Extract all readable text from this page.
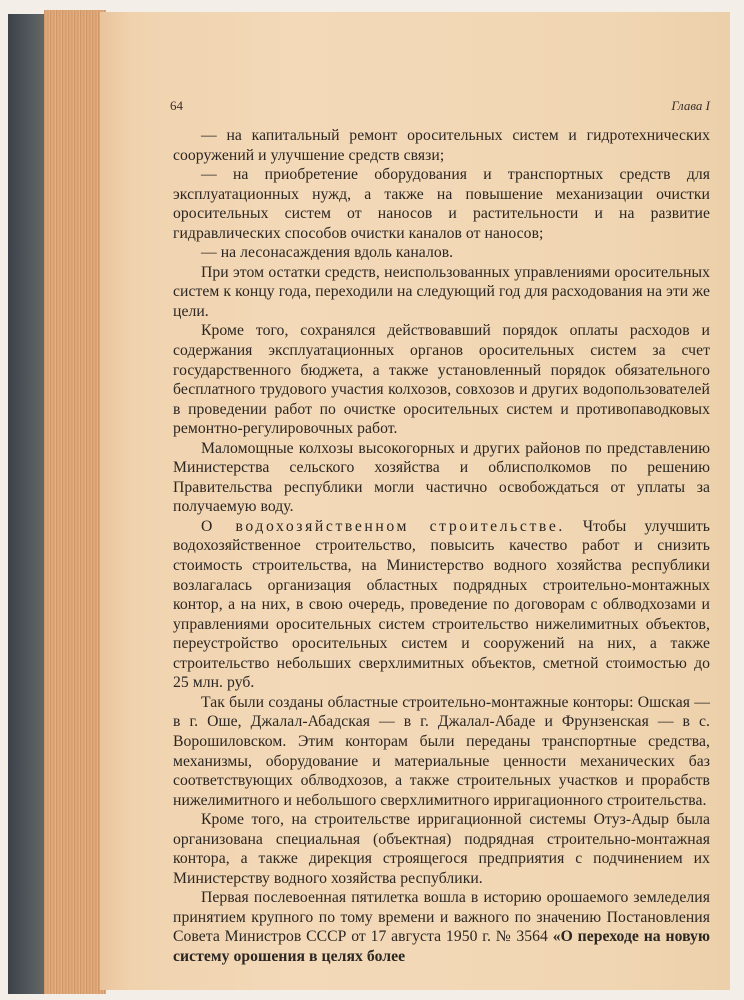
64	Глава I

— на капитальный ремонт оросительных систем и гидротехнических сооружений и улучшение средств связи;

— на приобретение оборудования и транспортных средств для эксплуатационных нужд, а также на повышение механизации очистки оросительных систем от наносов и растительности и на развитие гидравлических способов очистки каналов от наносов;

— на лесонасаждения вдоль каналов.

При этом остатки средств, неиспользованных управлениями оросительных систем к концу года, переходили на следующий год для расходования на эти же цели.

Кроме того, сохранялся действовавший порядок оплаты расходов и содержания эксплуатационных органов оросительных систем за счет государственного бюджета, а также установленный порядок обязательного бесплатного трудового участия колхозов, совхозов и других водопользователей в проведении работ по очистке оросительных систем и противопаводковых ремонтно-регулировочных работ.

Маломощные колхозы высокогорных и других районов по представлению Министерства сельского хозяйства и облисполкомов по решению Правительства республики могли частично освобождаться от уплаты за получаемую воду.

О водохозяйственном строительстве. Чтобы улучшить водохозяйственное строительство, повысить качество работ и снизить стоимость строительства, на Министерство водного хозяйства республики возлагалась организация областных подрядных строительно-монтажных контор, а на них, в свою очередь, проведение по договорам с облводхозами и управлениями оросительных систем строительство нижелимитных объектов, переустройство оросительных систем и сооружений на них, а также строительство небольших сверхлимитных объектов, сметной стоимостью до 25 млн. руб.

Так были созданы областные строительно-монтажные конторы: Ошская — в г. Оше, Джалал-Абадская — в г. Джалал-Абаде и Фрунзенская — в с. Ворошиловском. Этим конторам были переданы транспортные средства, механизмы, оборудование и материальные ценности механических баз соответствующих облводхозов, а также строительных участков и прорабств нижелимитного и небольшого сверхлимитного ирригационного строительства.

Кроме того, на строительстве ирригационной системы Отуз-Адыр была организована специальная (объектная) подрядная строительно-монтажная контора, а также дирекция строящегося предприятия с подчинением их Министерству водного хозяйства республики.

Первая послевоенная пятилетка вошла в историю орошаемого земледелия принятием крупного по тому времени и важного по значению Постановления Совета Министров СССР от 17 августа 1950 г. № 3564 «О переходе на новую систему орошения в целях более
